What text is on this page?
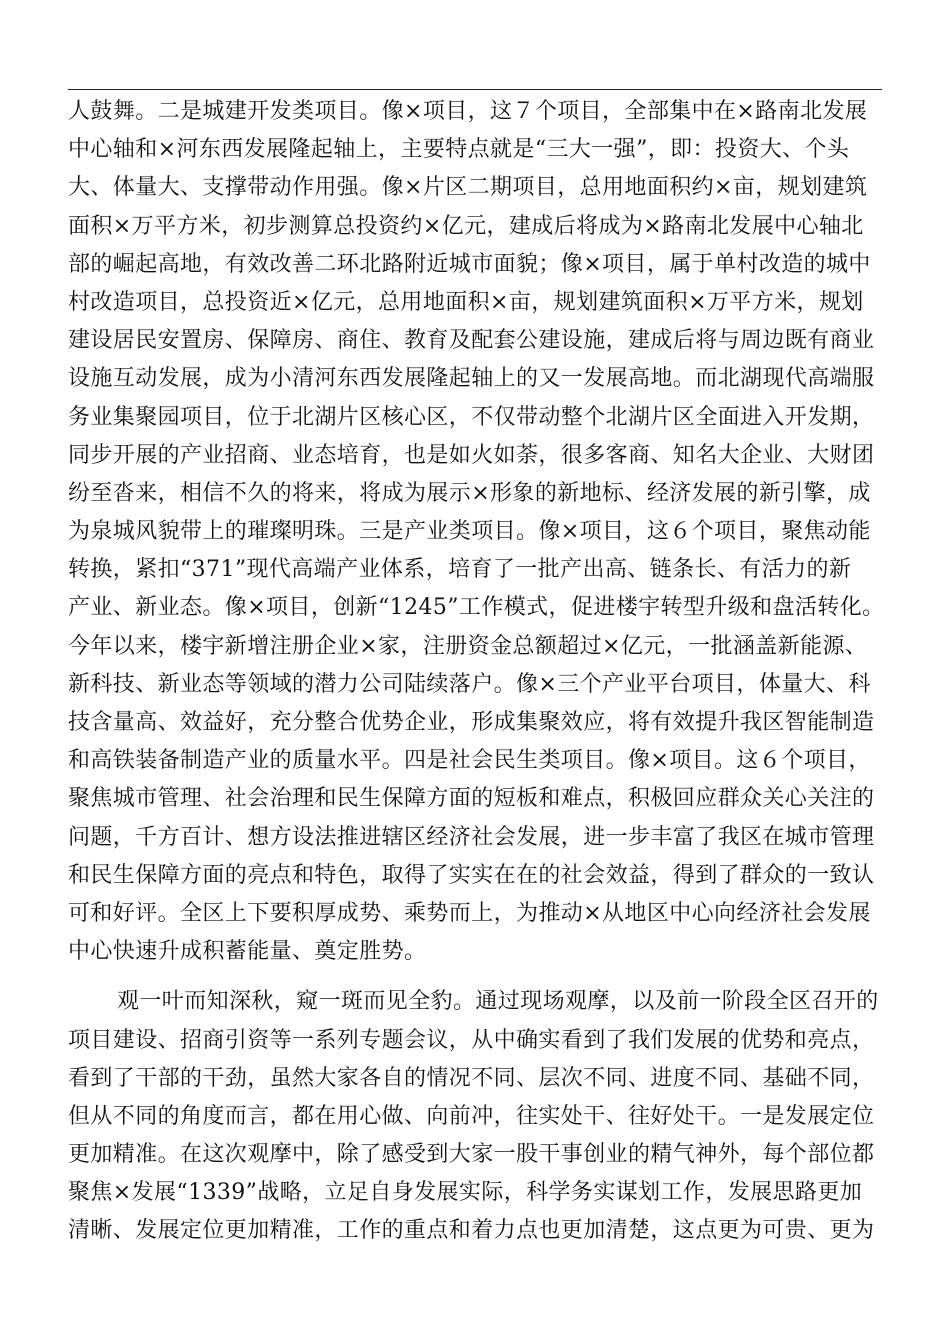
人鼓舞。二是城建开发类项目。像×项目，这７个项目，全部集中在×路南北发展
中心轴和×河东西发展隆起轴上，主要特点就是“三大一强”，即：投资大、个头
大、体量大、支撑带动作用强。像×片区二期项目，总用地面积约×亩，规划建筑
面积×万平方米，初步测算总投资约×亿元，建成后将成为×路南北发展中心轴北
部的崛起高地，有效改善二环北路附近城市面貌；像×项目，属于单村改造的城中
村改造项目，总投资近×亿元，总用地面积×亩，规划建筑面积×万平方米，规划
建设居民安置房、保障房、商住、教育及配套公建设施，建成后将与周边既有商业
设施互动发展，成为小清河东西发展隆起轴上的又一发展高地。而北湖现代高端服
务业集聚园项目，位于北湖片区核心区，不仅带动整个北湖片区全面进入开发期，
同步开展的产业招商、业态培育，也是如火如荼，很多客商、知名大企业、大财团
纷至沓来，相信不久的将来，将成为展示×形象的新地标、经济发展的新引擎，成
为泉城风貌带上的璀璨明珠。三是产业类项目。像×项目，这６个项目，聚焦动能
转换，紧扣“371”现代高端产业体系，培育了一批产出高、链条长、有活力的新
产业、新业态。像×项目，创新“1245”工作模式，促进楼宇转型升级和盘活转化。
今年以来，楼宇新增注册企业×家，注册资金总额超过×亿元，一批涵盖新能源、
新科技、新业态等领域的潜力公司陆续落户。像×三个产业平台项目，体量大、科
技含量高、效益好，充分整合优势企业，形成集聚效应，将有效提升我区智能制造
和高铁装备制造产业的质量水平。四是社会民生类项目。像×项目。这６个项目，
聚焦城市管理、社会治理和民生保障方面的短板和难点，积极回应群众关心关注的
问题，千方百计、想方设法推进辖区经济社会发展，进一步丰富了我区在城市管理
和民生保障方面的亮点和特色，取得了实实在在的社会效益，得到了群众的一致认
可和好评。全区上下要积厚成势、乘势而上，为推动×从地区中心向经济社会发展
中心快速升成积蓄能量、奠定胜势。
观一叶而知深秋，窥一斑而见全豹。通过现场观摩，以及前一阶段全区召开的
项目建设、招商引资等一系列专题会议，从中确实看到了我们发展的优势和亮点，
看到了干部的干劲，虽然大家各自的情况不同、层次不同、进度不同、基础不同，
但从不同的角度而言，都在用心做、向前冲，往实处干、往好处干。一是发展定位
更加精准。在这次观摩中，除了感受到大家一股干事创业的精气神外，每个部位都
聚焦×发展“1339”战略，立足自身发展实际，科学务实谋划工作，发展思路更加
清晰、发展定位更加精准，工作的重点和着力点也更加清楚，这点更为可贵、更为
